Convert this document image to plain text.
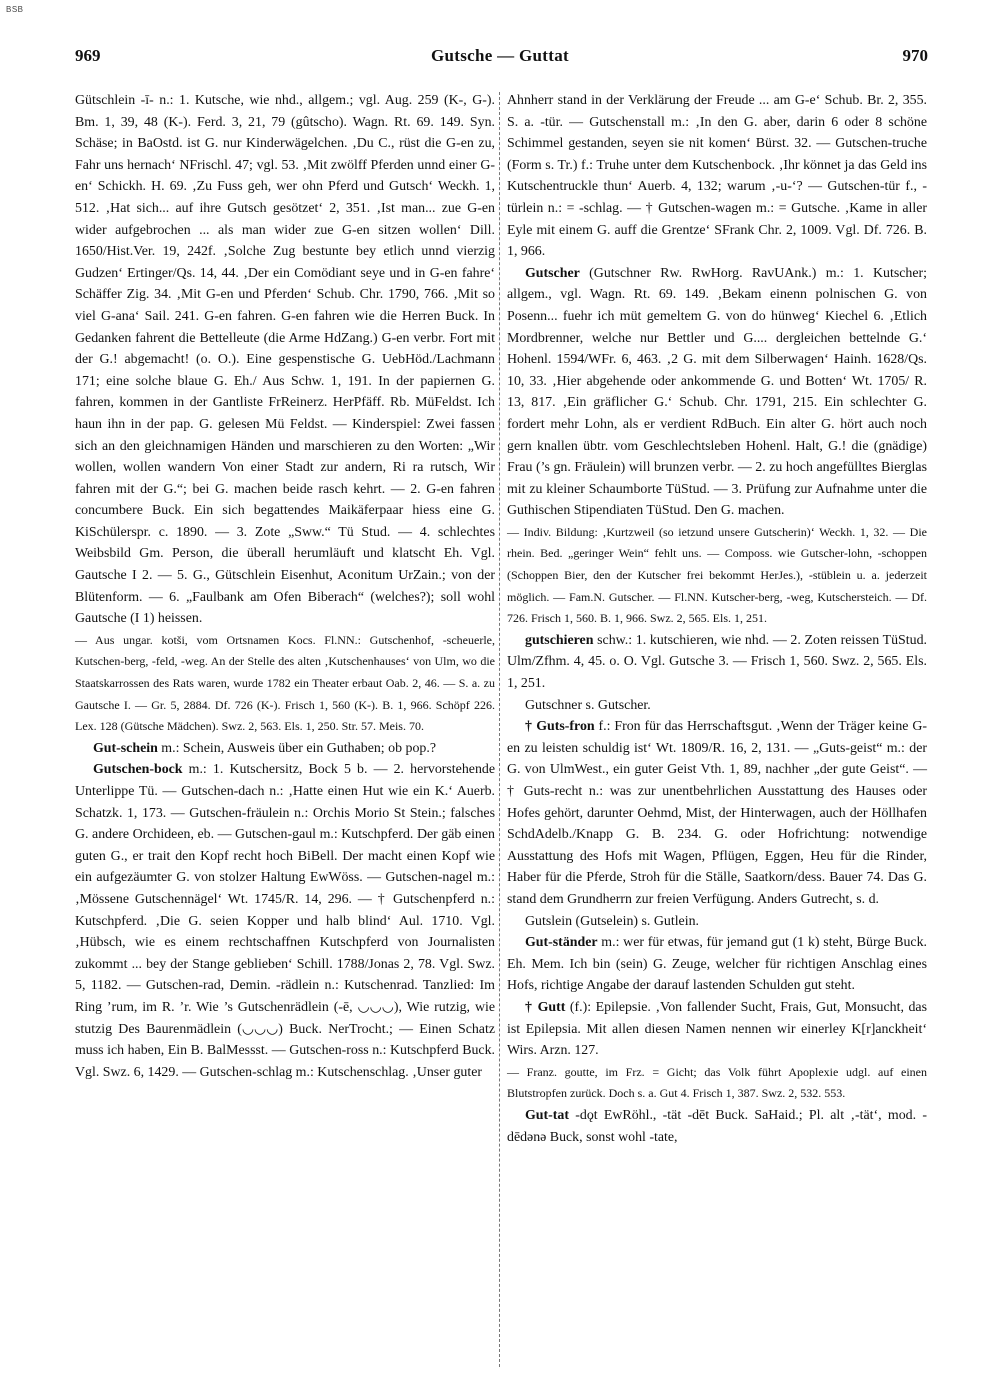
BSB
969	Gutsche — Guttat	970

Gütschlein -ī- n.: 1. Kutsche, wie nhd., allgem.; vgl. Aug. 259 (K-, G-). Bm. 1, 39, 48 (K-). Ferd. 3, 21, 79 (gûtscho). Wagn. Rt. 69. 149. Syn. Schäse; in BaOstd. ist G. nur Kinderwägelchen. ‚Du C., rüst die G-en zu, Fahr uns hernach‘ NFrischl. 47; vgl. 53. ‚Mit zwölff Pferden unnd einer G-en‘ Schickh. H. 69. ‚Zu Fuss geh, wer ohn Pferd und Gutsch‘ Weckh. 1, 512. ‚Hat sich... auf ihre Gutsch gesötzet‘ 2, 351. ‚Ist man... zue G-en wider aufgebrochen ... als man wider zue G-en sitzen wollen‘ Dill. 1650/Hist.Ver. 19, 242f. ‚Solche Zug bestunte bey etlich unnd vierzig Gudzen‘ Ertinger/Qs. 14, 44. ‚Der ein Comödiant seye und in G-en fahre‘ Schäffer Zig. 34. ‚Mit G-en und Pferden‘ Schub. Chr. 1790, 766. ‚Mit so viel G-ana‘ Sail. 241. G-en fahren. G-en fahren wie die Herren Buck. In Gedanken fahrent die Bettelleute (die Arme HdZang.) G-en verbr. Fort mit der G.! abgemacht! (o. O.). Eine gespenstische G. UebHöd./Lachmann 171; eine solche blaue G. Eh./ Aus Schw. 1, 191. In der papiernen G. fahren, kommen in der Gantliste FrReinerz. HerPfäff. Rb. MüFeldst. Ich haun ihn in der pap. G. gelesen Mü Feldst. — Kinderspiel: Zwei fassen sich an den gleichnamigen Händen und marschieren zu den Worten: „Wir wollen, wollen wandern Von einer Stadt zur andern, Ri ra rutsch, Wir fahren mit der G.“; bei G. machen beide rasch kehrt. — 2. G-en fahren concumbere Buck. Ein sich begattendes Maikäferpaar hiess eine G. KiSchülerspr. c. 1890. — 3. Zote „Sww.“ Tü Stud. — 4. schlechtes Weibsbild Gm. Person, die überall herumläuft und klatscht Eh. Vgl. Gautsche I 2. — 5. G., Gütschlein Eisenhut, Aconitum UrZain.; von der Blütenform. — 6. „Faulbank am Ofen Biberach“ (welches?); soll wohl Gautsche (I 1) heissen.

— Aus ungar. kotši, vom Ortsnamen Kocs. Fl.NN.: Gutschenhof, -scheuerle, Kutschen-berg, -feld, -weg. An der Stelle des alten ‚Kutschenhauses‘ von Ulm, wo die Staatskarrossen des Rats waren, wurde 1782 ein Theater erbaut Oab. 2, 46. — S. a. zu Gautsche I. — Gr. 5, 2884. Df. 726 (K-). Frisch 1, 560 (K-). B. 1, 966. Schöpf 226. Lex. 128 (Gütsche Mädchen). Swz. 2, 563. Els. 1, 250. Str. 57. Meis. 70.

Gut-schein m.: Schein, Ausweis über ein Guthaben; ob pop.?

Gutschen-bock m.: 1. Kutschersitz, Bock 5 b. — 2. hervorstehende Unterlippe Tü. — Gutschen-dach n.: ‚Hatte einen Hut wie ein K.‘ Auerb. Schatzk. 1, 173. — Gutschen-fräulein n.: Orchis Morio St Stein.; falsches G. andere Orchideen, eb. — Gutschen-gaul m.: Kutschpferd. Der gäb einen guten G., er trait den Kopf recht hoch BiBell. Der macht einen Kopf wie ein aufgezäumter G. von stolzer Haltung EwWöss. — Gutschen-nagel m.: ‚Mössene Gutschennägel‘ Wt. 1745/R. 14, 296. — † Gutschenpferd n.: Kutschpferd. ‚Die G. seien Kopper und halb blind‘ Aul. 1710. Vgl. ‚Hübsch, wie es einem rechtschaffnen Kutschpferd von Journalisten zukommt ... bey der Stange geblieben‘ Schill. 1788/Jonas 2, 78. Vgl. Swz. 5, 1182. — Gutschen-rad, Demin. -rädlein n.: Kutschenrad. Tanzlied: Im Ring ’rum, im R. ’r. Wie ’s Gutschenrädlein (-ē, ◡◡◡), Wie rutzig, wie stutzig Des Baurenmädlein (◡◡◡) Buck. NerTrocht.; — Einen Schatz muss ich haben, Ein B. BalMessst. — Gutschen-ross n.: Kutschpferd Buck. Vgl. Swz. 6, 1429. — Gutschen-schlag m.: Kutschenschlag. ‚Unser guter

Ahnherr stand in der Verklärung der Freude ... am G-e‘ Schub. Br. 2, 355. S. a. -tür. — Gutschenstall m.: ‚In den G. aber, darin 6 oder 8 schöne Schimmel gestanden, seyen sie nit komen‘ Bürst. 32. — Gutschen-truche (Form s. Tr.) f.: Truhe unter dem Kutschenbock. ‚Ihr könnet ja das Geld ins Kutschentruckle thun‘ Auerb. 4, 132; warum ‚-u-‘? — Gutschen-tür f., -türlein n.: = -schlag. — † Gutschen-wagen m.: = Gutsche. ‚Kame in aller Eyle mit einem G. auff die Grentze‘ SFrank Chr. 2, 1009. Vgl. Df. 726. B. 1, 966.

Gutscher (Gutschner Rw. RwHorg. RavUAnk.) m.: 1. Kutscher; allgem., vgl. Wagn. Rt. 69. 149. ‚Bekam einenn polnischen G. von Posenn... fuehr ich müt gemeltem G. von do hünweg‘ Kiechel 6. ‚Etlich Mordbrenner, welche nur Bettler und G.... dergleichen bettelnde G.‘ Hohenl. 1594/WFr. 6, 463. ‚2 G. mit dem Silberwagen‘ Hainh. 1628/Qs. 10, 33. ‚Hier abgehende oder ankommende G. und Botten‘ Wt. 1705/ R. 13, 817. ‚Ein gräflicher G.‘ Schub. Chr. 1791, 215. Ein schlechter G. fordert mehr Lohn, als er verdient RdBuch. Ein alter G. hört auch noch gern knallen übtr. vom Geschlechtsleben Hohenl. Halt, G.! die (gnädige) Frau (’s gn. Fräulein) will brunzen verbr. — 2. zu hoch angefülltes Bierglas mit zu kleiner Schaumborte TüStud. — 3. Prüfung zur Aufnahme unter die Guthischen Stipendiaten TüStud. Den G. machen.

— Indiv. Bildung: ‚Kurtzweil (so ietzund unsere Gutscherin)‘ Weckh. 1, 32. — Die rhein. Bed. „geringer Wein“ fehlt uns. — Composs. wie Gutscher-lohn, -schoppen (Schoppen Bier, den der Kutscher frei bekommt HerJes.), -stüblein u. a. jederzeit möglich. — Fam.N. Gutscher. — Fl.NN. Kutscher-berg, -weg, Kutschersteich. — Df. 726. Frisch 1, 560. B. 1, 966. Swz. 2, 565. Els. 1, 251.

gutschieren schw.: 1. kutschieren, wie nhd. — 2. Zoten reissen TüStud. Ulm/Zfhm. 4, 45. o. O. Vgl. Gutsche 3. — Frisch 1, 560. Swz. 2, 565. Els. 1, 251.

Gutschner s. Gutscher.

† Guts-fron f.: Fron für das Herrschaftsgut. ‚Wenn der Träger keine G-en zu leisten schuldig ist‘ Wt. 1809/R. 16, 2, 131. — „Guts-geist“ m.: der G. von UlmWest., ein guter Geist Vth. 1, 89, nachher „der gute Geist“. — † Guts-recht n.: was zur unentbehrlichen Ausstattung des Hauses oder Hofes gehört, darunter Oehmd, Mist, der Hinterwagen, auch der Höllhafen SchdAdelb./Knapp G. B. 234. G. oder Hofrichtung: notwendige Ausstattung des Hofs mit Wagen, Pflügen, Eggen, Heu für die Rinder, Haber für die Pferde, Stroh für die Ställe, Saatkorn/dess. Bauer 74. Das G. stand dem Grundherrn zur freien Verfügung. Anders Gutrecht, s. d.

Gutslein (Gutselein) s. Gutlein.

Gut-ständer m.: wer für etwas, für jemand gut (1 k) steht, Bürge Buck. Eh. Mem. Ich bin (sein) G. Zeuge, welcher für richtigen Anschlag eines Hofs, richtige Angabe der darauf lastenden Schulden gut steht.

† Gutt (f.): Epilepsie. ‚Von fallender Sucht, Frais, Gut, Monsucht, das ist Epilepsia. Mit allen diesen Namen nennen wir einerley K[r]anckheit‘ Wirs. Arzn. 127.

— Franz. goutte, im Frz. = Gicht; das Volk führt Apoplexie udgl. auf einen Blutstropfen zurück. Doch s. a. Gut 4. Frisch 1, 387. Swz. 2, 532. 553.

Gut-tat -dǫt EwRöhl., -tät -dēt Buck. SaHaid.; Pl. alt ‚-tät‘, mod. -dēdənə Buck, sonst wohl -tate,
